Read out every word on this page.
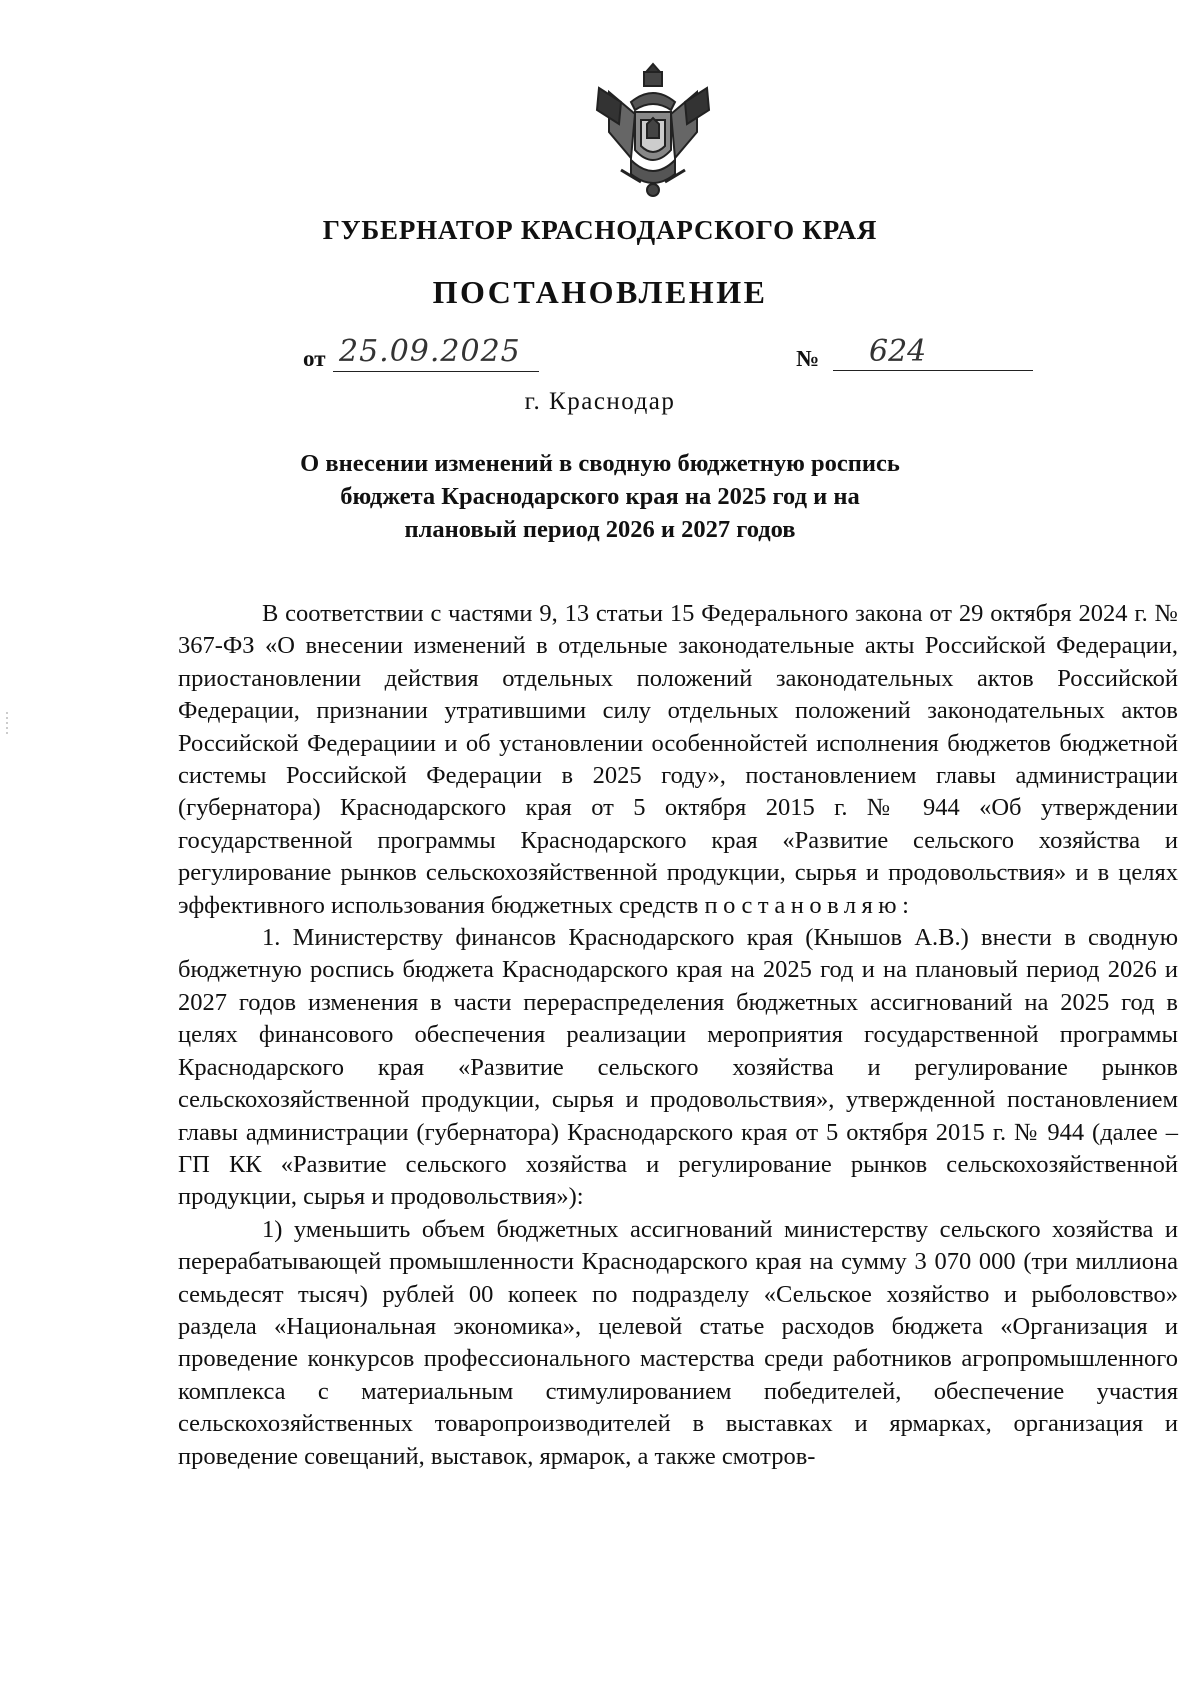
ГУБЕРНАТОР КРАСНОДАРСКОГО КРАЯ
ПОСТАНОВЛЕНИЕ
от 25.09.2025	№	624
г. Краснодар
О внесении изменений в сводную бюджетную роспись
бюджета Краснодарского края на 2025 год и на
плановый период 2026 и 2027 годов

В соответствии с частями 9, 13 статьи 15 Федерального закона от 29 октября 2024 г. № 367-ФЗ «О внесении изменений в отдельные законодательные акты Российской Федерации, приостановлении действия отдельных положений законодательных актов Российской Федерации, признании утратившими силу отдельных положений законодательных актов Российской Федерациии и об установлении особеннойстей исполнения бюджетов бюджетной системы Российской Федерации в 2025 году», постановлением главы администрации (губернатора) Краснодарского края от 5 октября 2015 г. № 944 «Об утверждении государственной программы Краснодарского края «Развитие сельского хозяйства и регулирование рынков сельскохозяйственной продукции, сырья и продовольствия» и в целях эффективного использования бюджетных средств постановляю:

1. Министерству финансов Краснодарского края (Кнышов А.В.) внести в сводную бюджетную роспись бюджета Краснодарского края на 2025 год и на плановый период 2026 и 2027 годов изменения в части перераспределения бюджетных ассигнований на 2025 год в целях финансового обеспечения реализации мероприятия государственной программы Краснодарского края «Развитие сельского хозяйства и регулирование рынков сельскохозяйственной продукции, сырья и продовольствия», утвержденной постановлением главы администрации (губернатора) Краснодарского края от 5 октября 2015 г. № 944 (далее – ГП КК «Развитие сельского хозяйства и регулирование рынков сельскохозяйственной продукции, сырья и продовольствия»):

1) уменьшить объем бюджетных ассигнований министерству сельского хозяйства и перерабатывающей промышленности Краснодарского края на сумму 3 070 000 (три миллиона семьдесят тысяч) рублей 00 копеек по подразделу «Сельское хозяйство и рыболовство» раздела «Национальная экономика», целевой статье расходов бюджета «Организация и проведение конкурсов профессионального мастерства среди работников агропромышленного комплекса с материальным стимулированием победителей, обеспечение участия сельскохозяйственных товаропроизводителей в выставках и ярмарках, организация и проведение совещаний, выставок, ярмарок, а также смотров-
